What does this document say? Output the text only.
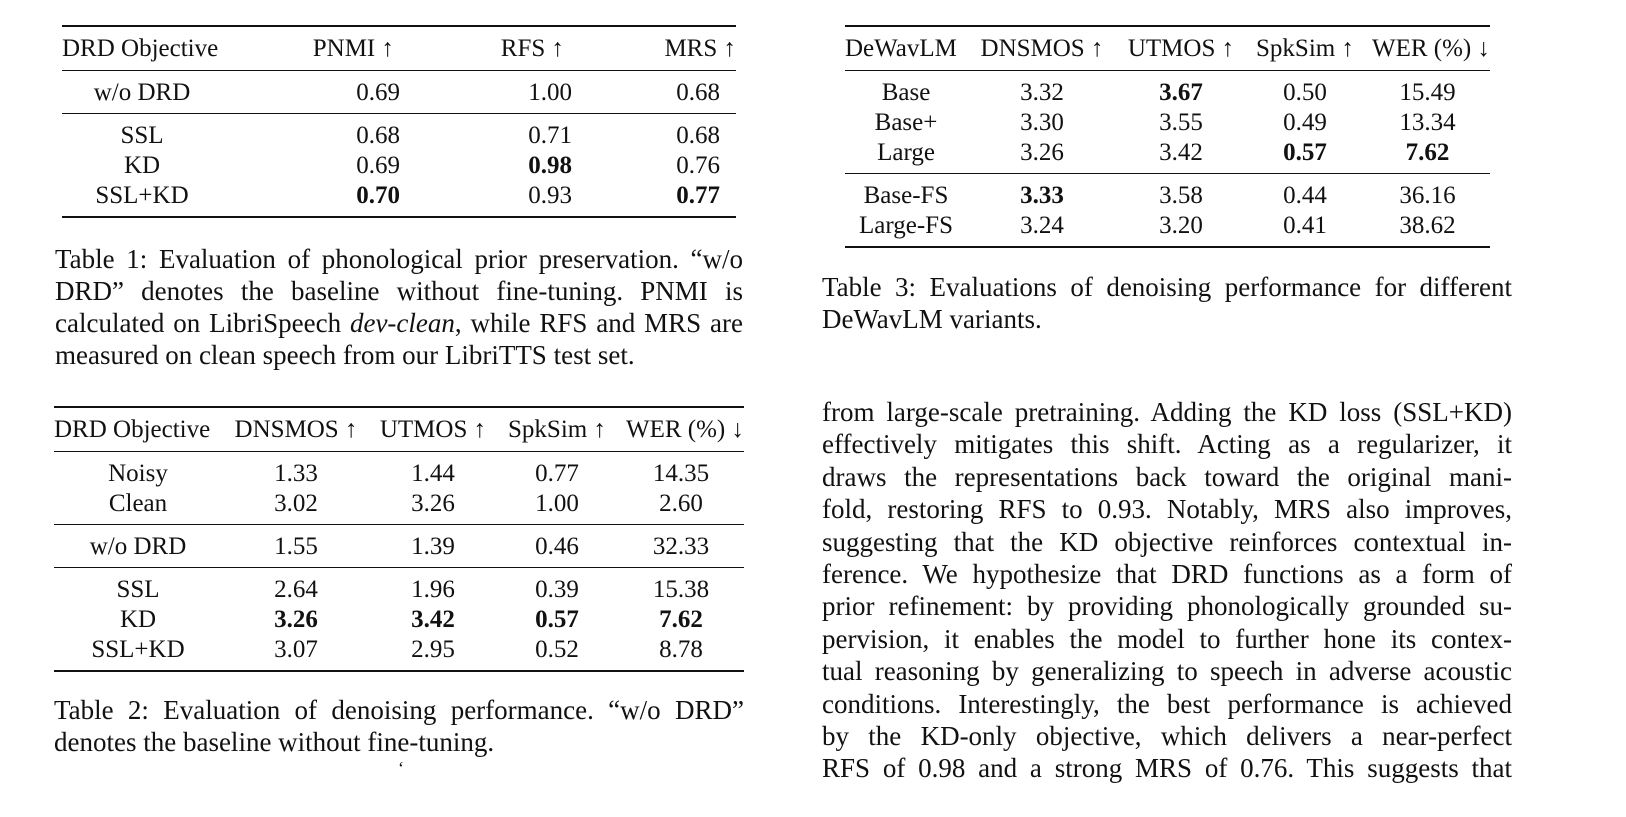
DRD Objective	PNMI ↑	RFS ↑	MRS ↑
w/o DRD	0.69	1.00	0.68
SSL	0.68	0.71	0.68
KD	0.69	0.98	0.76
SSL+KD	0.70	0.93	0.77
Table 1: Evaluation of phonological prior preservation. “w/o DRD” denotes the baseline without fine-tuning. PNMI is calculated on LibriSpeech dev-clean, while RFS and MRS are measured on clean speech from our LibriTTS test set.
DRD Objective	DNSMOS ↑	UTMOS ↑	SpkSim ↑	WER (%) ↓
Noisy	1.33	1.44	0.77	14.35
Clean	3.02	3.26	1.00	2.60
w/o DRD	1.55	1.39	0.46	32.33
SSL	2.64	1.96	0.39	15.38
KD	3.26	3.42	0.57	7.62
SSL+KD	3.07	2.95	0.52	8.78
Table 2: Evaluation of denoising performance. “w/o DRD” denotes the baseline without fine-tuning.
‘
DeWavLM	DNSMOS ↑	UTMOS ↑	SpkSim ↑	WER (%) ↓
Base	3.32	3.67	0.50	15.49
Base+	3.30	3.55	0.49	13.34
Large	3.26	3.42	0.57	7.62
Base-FS	3.33	3.58	0.44	36.16
Large-FS	3.24	3.20	0.41	38.62
Table 3: Evaluations of denoising performance for different DeWavLM variants.
from large-scale pretraining. Adding the KD loss (SSL+KD)
effectively mitigates this shift. Acting as a regularizer, it
draws the representations back toward the original mani-
fold, restoring RFS to 0.93. Notably, MRS also improves,
suggesting that the KD objective reinforces contextual in-
ference. We hypothesize that DRD functions as a form of
prior refinement: by providing phonologically grounded su-
pervision, it enables the model to further hone its contex-
tual reasoning by generalizing to speech in adverse acoustic
conditions. Interestingly, the best performance is achieved
by the KD-only objective, which delivers a near-perfect
RFS of 0.98 and a strong MRS of 0.76. This suggests that
